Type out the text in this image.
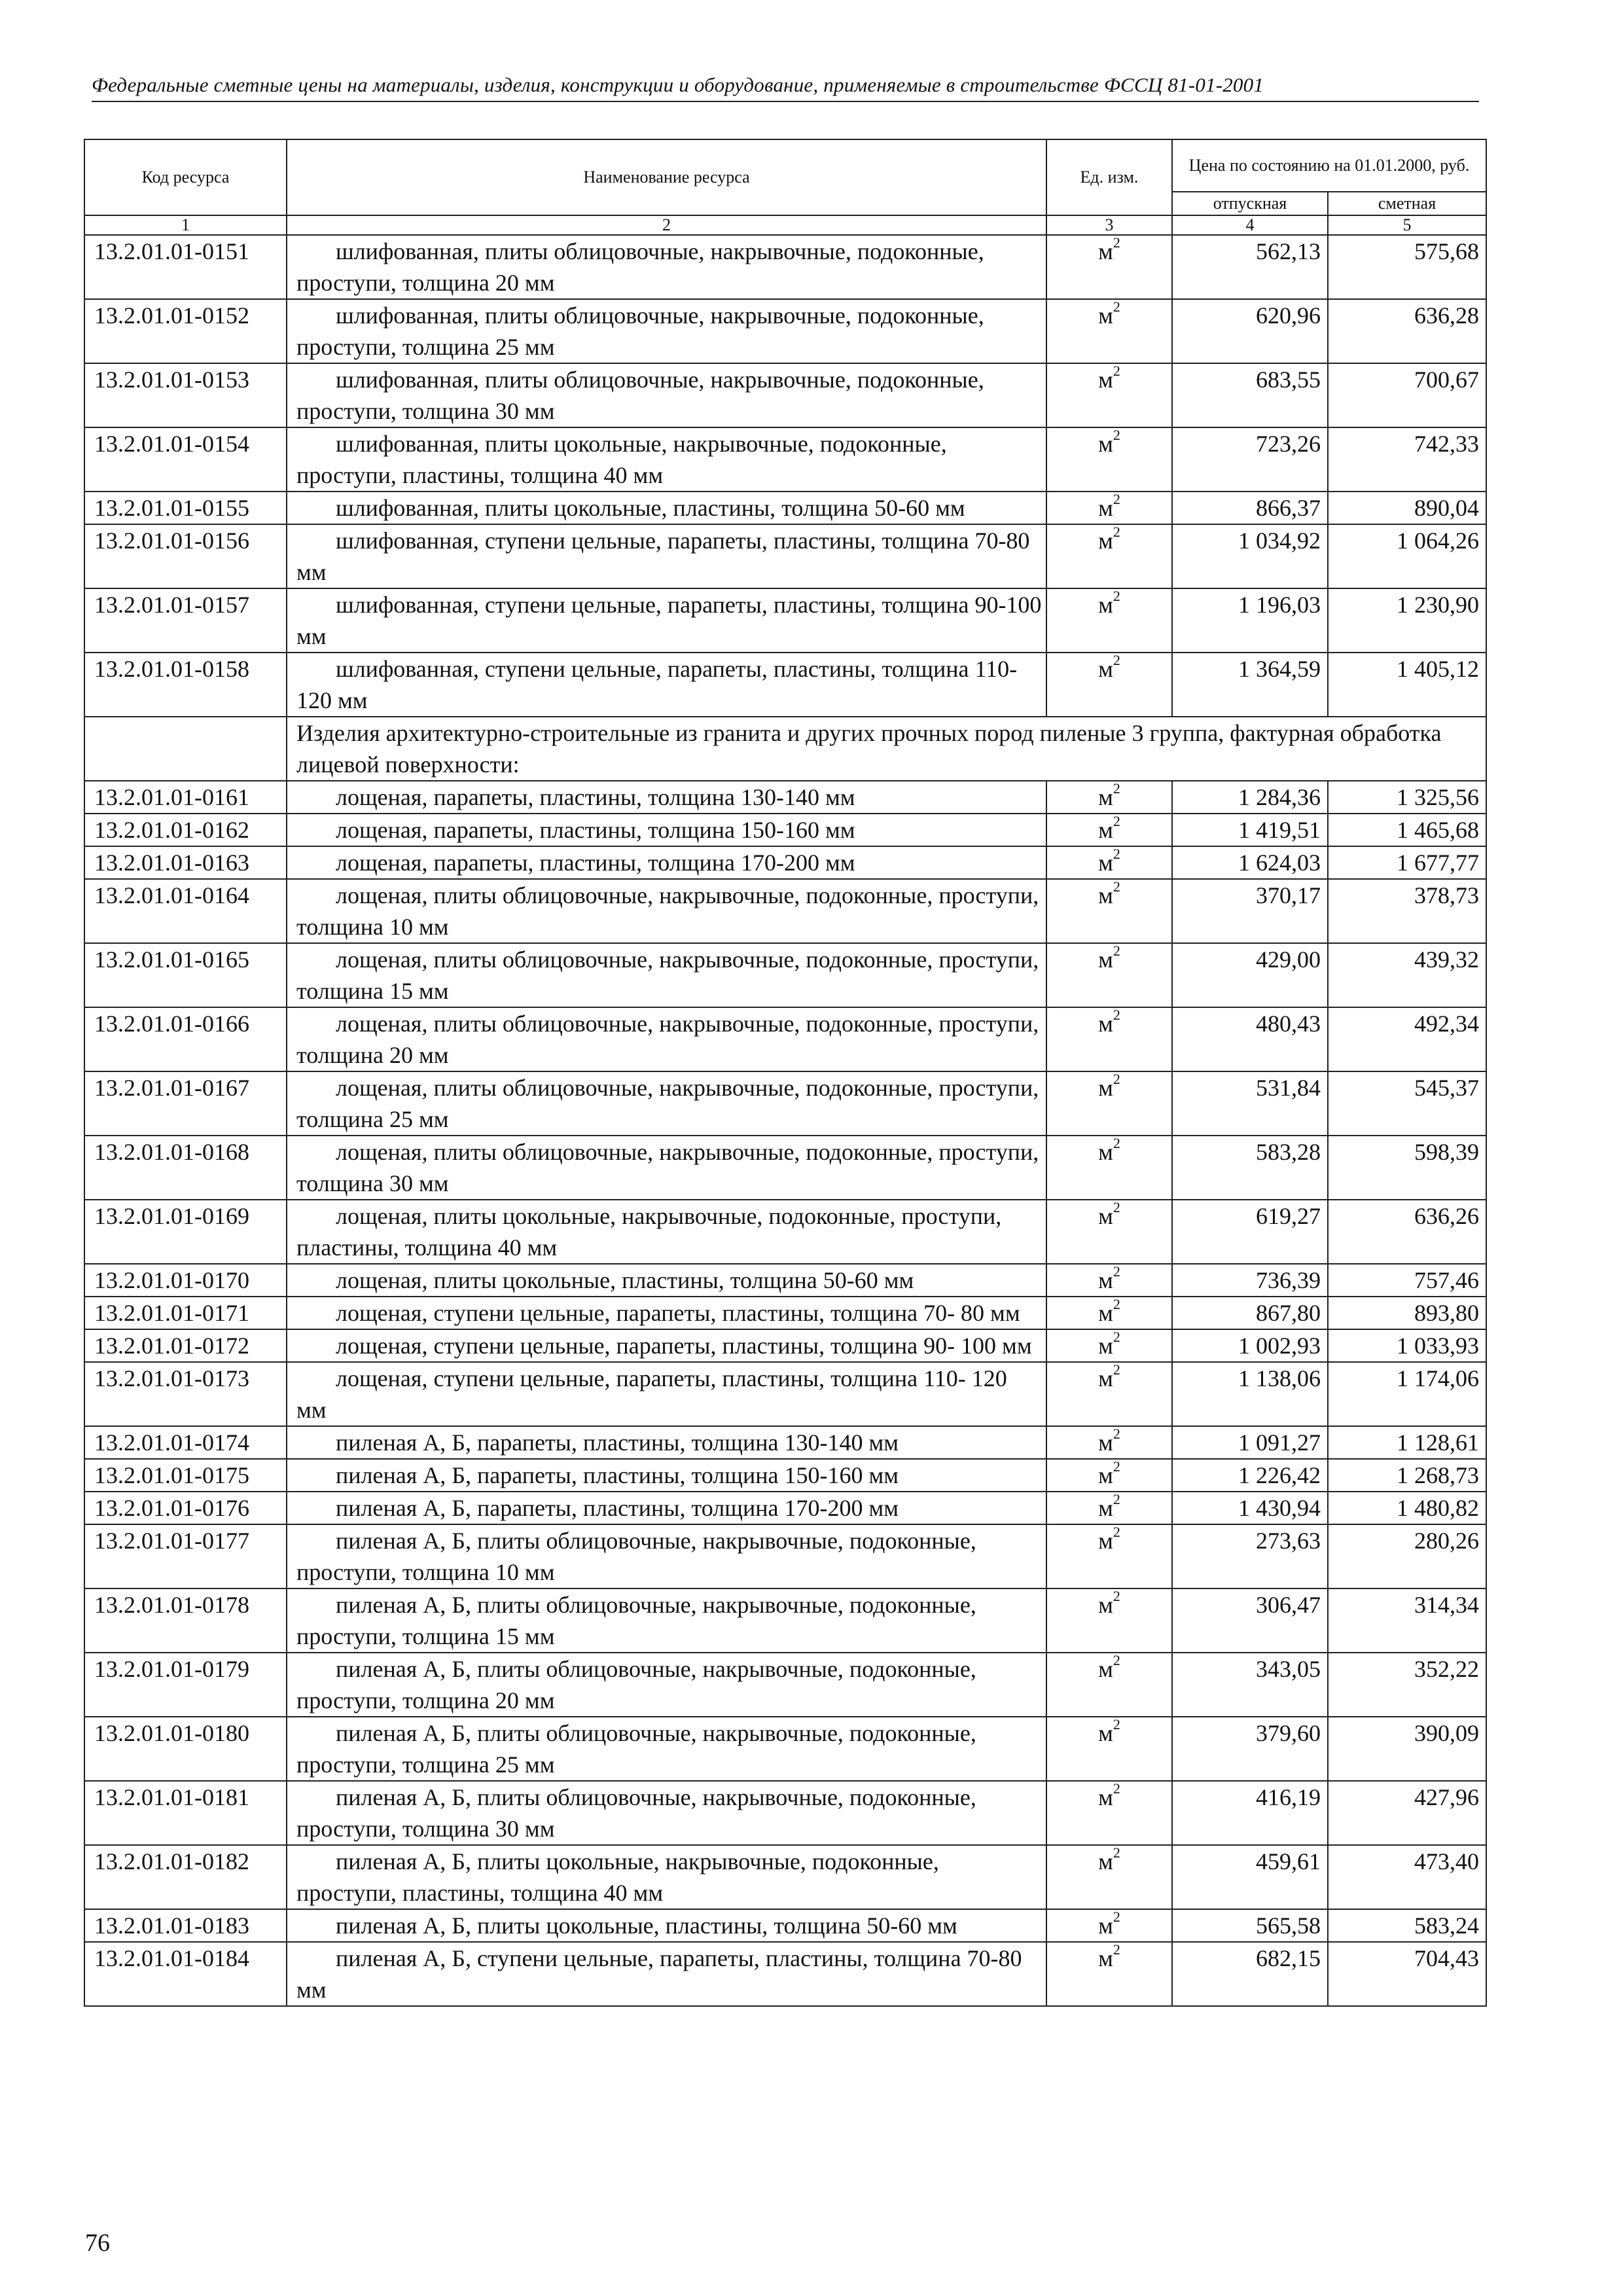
Федеральные сметные цены на материалы, изделия, конструкции и оборудование, применяемые в строительстве ФССЦ 81-01-2001
Код ресурса	Наименование ресурса	Ед. изм.	Цена по состоянию на 01.01.2000, руб.	
			отпускная	сметная
1	2	3	4	5
13.2.01.01-0151	шлифованная, плиты облицовочные, накрывочные, подоконные, проступи, толщина 20 мм	$м^2$	562,13	575,68
13.2.01.01-0152	шлифованная, плиты облицовочные, накрывочные, подоконные, проступи, толщина 25 мм	$м^2$	620,96	636,28
13.2.01.01-0153	шлифованная, плиты облицовочные, накрывочные, подоконные, проступи, толщина 30 мм	$м^2$	683,55	700,67
13.2.01.01-0154	шлифованная, плиты цокольные, накрывочные, подоконные, проступи, пластины, толщина 40 мм	$м^2$	723,26	742,33
13.2.01.01-0155	шлифованная, плиты цокольные, пластины, толщина 50-60 мм	$м^2$	866,37	890,04
13.2.01.01-0156	шлифованная, ступени цельные, парапеты, пластины, толщина 70-80 мм	$м^2$	1 034,92	1 064,26
13.2.01.01-0157	шлифованная, ступени цельные, парапеты, пластины, толщина 90-100 мм	$м^2$	1 196,03	1 230,90
13.2.01.01-0158	шлифованная, ступени цельные, парапеты, пластины, толщина 110-120 мм	$м^2$	1 364,59	1 405,12
	Изделия архитектурно-строительные из гранита и других прочных пород пиленые 3 группа, фактурная обработка лицевой поверхности:			
13.2.01.01-0161	лощеная, парапеты, пластины, толщина 130-140 мм	$м^2$	1 284,36	1 325,56
13.2.01.01-0162	лощеная, парапеты, пластины, толщина 150-160 мм	$м^2$	1 419,51	1 465,68
13.2.01.01-0163	лощеная, парапеты, пластины, толщина 170-200 мм	$м^2$	1 624,03	1 677,77
13.2.01.01-0164	лощеная, плиты облицовочные, накрывочные, подоконные, проступи, толщина 10 мм	$м^2$	370,17	378,73
13.2.01.01-0165	лощеная, плиты облицовочные, накрывочные, подоконные, проступи, толщина 15 мм	$м^2$	429,00	439,32
13.2.01.01-0166	лощеная, плиты облицовочные, накрывочные, подоконные, проступи, толщина 20 мм	$м^2$	480,43	492,34
13.2.01.01-0167	лощеная, плиты облицовочные, накрывочные, подоконные, проступи, толщина 25 мм	$м^2$	531,84	545,37
13.2.01.01-0168	лощеная, плиты облицовочные, накрывочные, подоконные, проступи, толщина 30 мм	$м^2$	583,28	598,39
13.2.01.01-0169	лощеная, плиты цокольные, накрывочные, подоконные, проступи, пластины, толщина 40 мм	$м^2$	619,27	636,26
13.2.01.01-0170	лощеная, плиты цокольные, пластины, толщина 50-60 мм	$м^2$	736,39	757,46
13.2.01.01-0171	лощеная, ступени цельные, парапеты, пластины, толщина 70- 80 мм	$м^2$	867,80	893,80
13.2.01.01-0172	лощеная, ступени цельные, парапеты, пластины, толщина 90- 100 мм	$м^2$	1 002,93	1 033,93
13.2.01.01-0173	лощеная, ступени цельные, парапеты, пластины, толщина 110- 120 мм	$м^2$	1 138,06	1 174,06
13.2.01.01-0174	пиленая А, Б, парапеты, пластины, толщина 130-140 мм	$м^2$	1 091,27	1 128,61
13.2.01.01-0175	пиленая А, Б, парапеты, пластины, толщина 150-160 мм	$м^2$	1 226,42	1 268,73
13.2.01.01-0176	пиленая А, Б, парапеты, пластины, толщина 170-200 мм	$м^2$	1 430,94	1 480,82
13.2.01.01-0177	пиленая А, Б, плиты облицовочные, накрывочные, подоконные, проступи, толщина 10 мм	$м^2$	273,63	280,26
13.2.01.01-0178	пиленая А, Б, плиты облицовочные, накрывочные, подоконные, проступи, толщина 15 мм	$м^2$	306,47	314,34
13.2.01.01-0179	пиленая А, Б, плиты облицовочные, накрывочные, подоконные, проступи, толщина 20 мм	$м^2$	343,05	352,22
13.2.01.01-0180	пиленая А, Б, плиты облицовочные, накрывочные, подоконные, проступи, толщина 25 мм	$м^2$	379,60	390,09
13.2.01.01-0181	пиленая А, Б, плиты облицовочные, накрывочные, подоконные, проступи, толщина 30 мм	$м^2$	416,19	427,96
13.2.01.01-0182	пиленая А, Б, плиты цокольные, накрывочные, подоконные, проступи, пластины, толщина 40 мм	$м^2$	459,61	473,40
13.2.01.01-0183	пиленая А, Б, плиты цокольные, пластины, толщина 50-60 мм	$м^2$	565,58	583,24
13.2.01.01-0184	пиленая А, Б, ступени цельные, парапеты, пластины, толщина 70-80 мм	$м^2$	682,15	704,43
76
